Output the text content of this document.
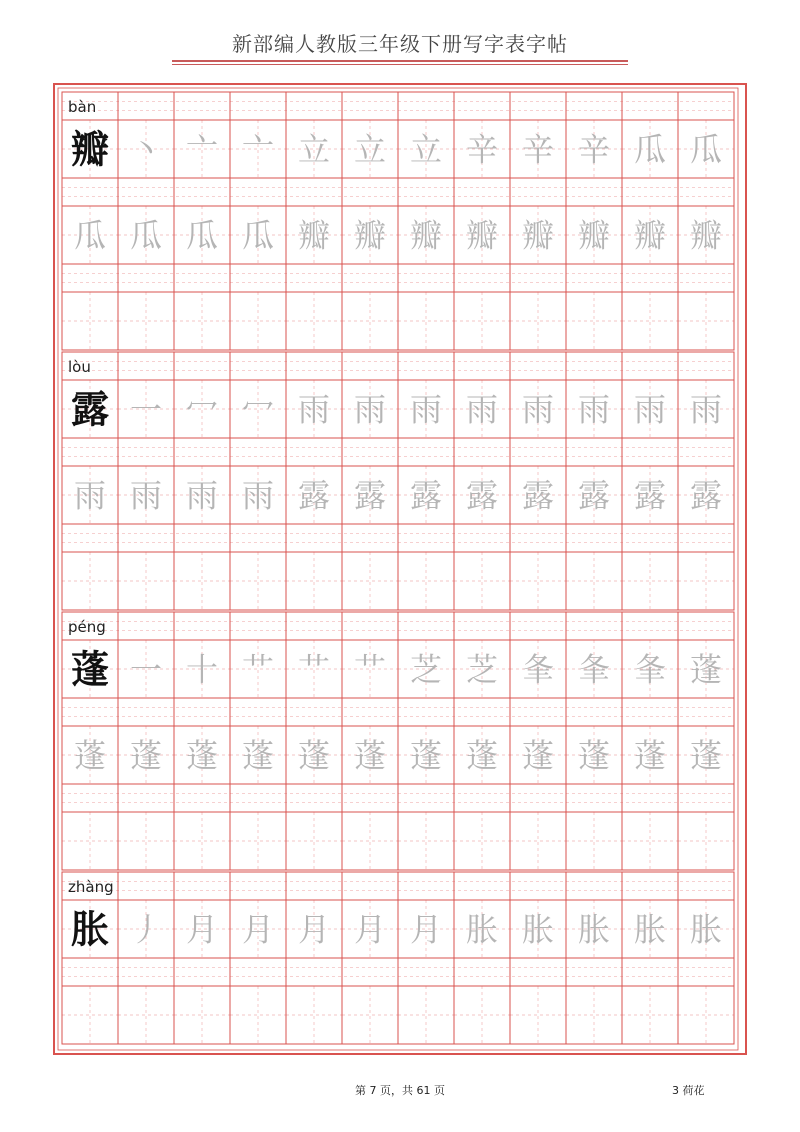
新部编人教版三年级下册写字表字帖
bàn
瓣 丶 亠 亠 立 立 立 辛 辛 辛 瓜 瓜
瓜 瓜 瓜 瓜 瓣 瓣 瓣 瓣 瓣 瓣 瓣 瓣
lòu
露 一 冖 冖 雨 雨 雨 雨 雨 雨 雨 雨
雨 雨 雨 雨 露 露 露 露 露 露 露 露
péng
蓬 一 十 艹 艹 艹 芝 芝 夆 夆 夆 蓬
蓬 蓬 蓬 蓬 蓬 蓬 蓬 蓬 蓬 蓬 蓬 蓬
zhàng
胀 丿 月 月 月 月 月 胀 胀 胀 胀 胀
第 7 页，共 61 页	3 荷花
